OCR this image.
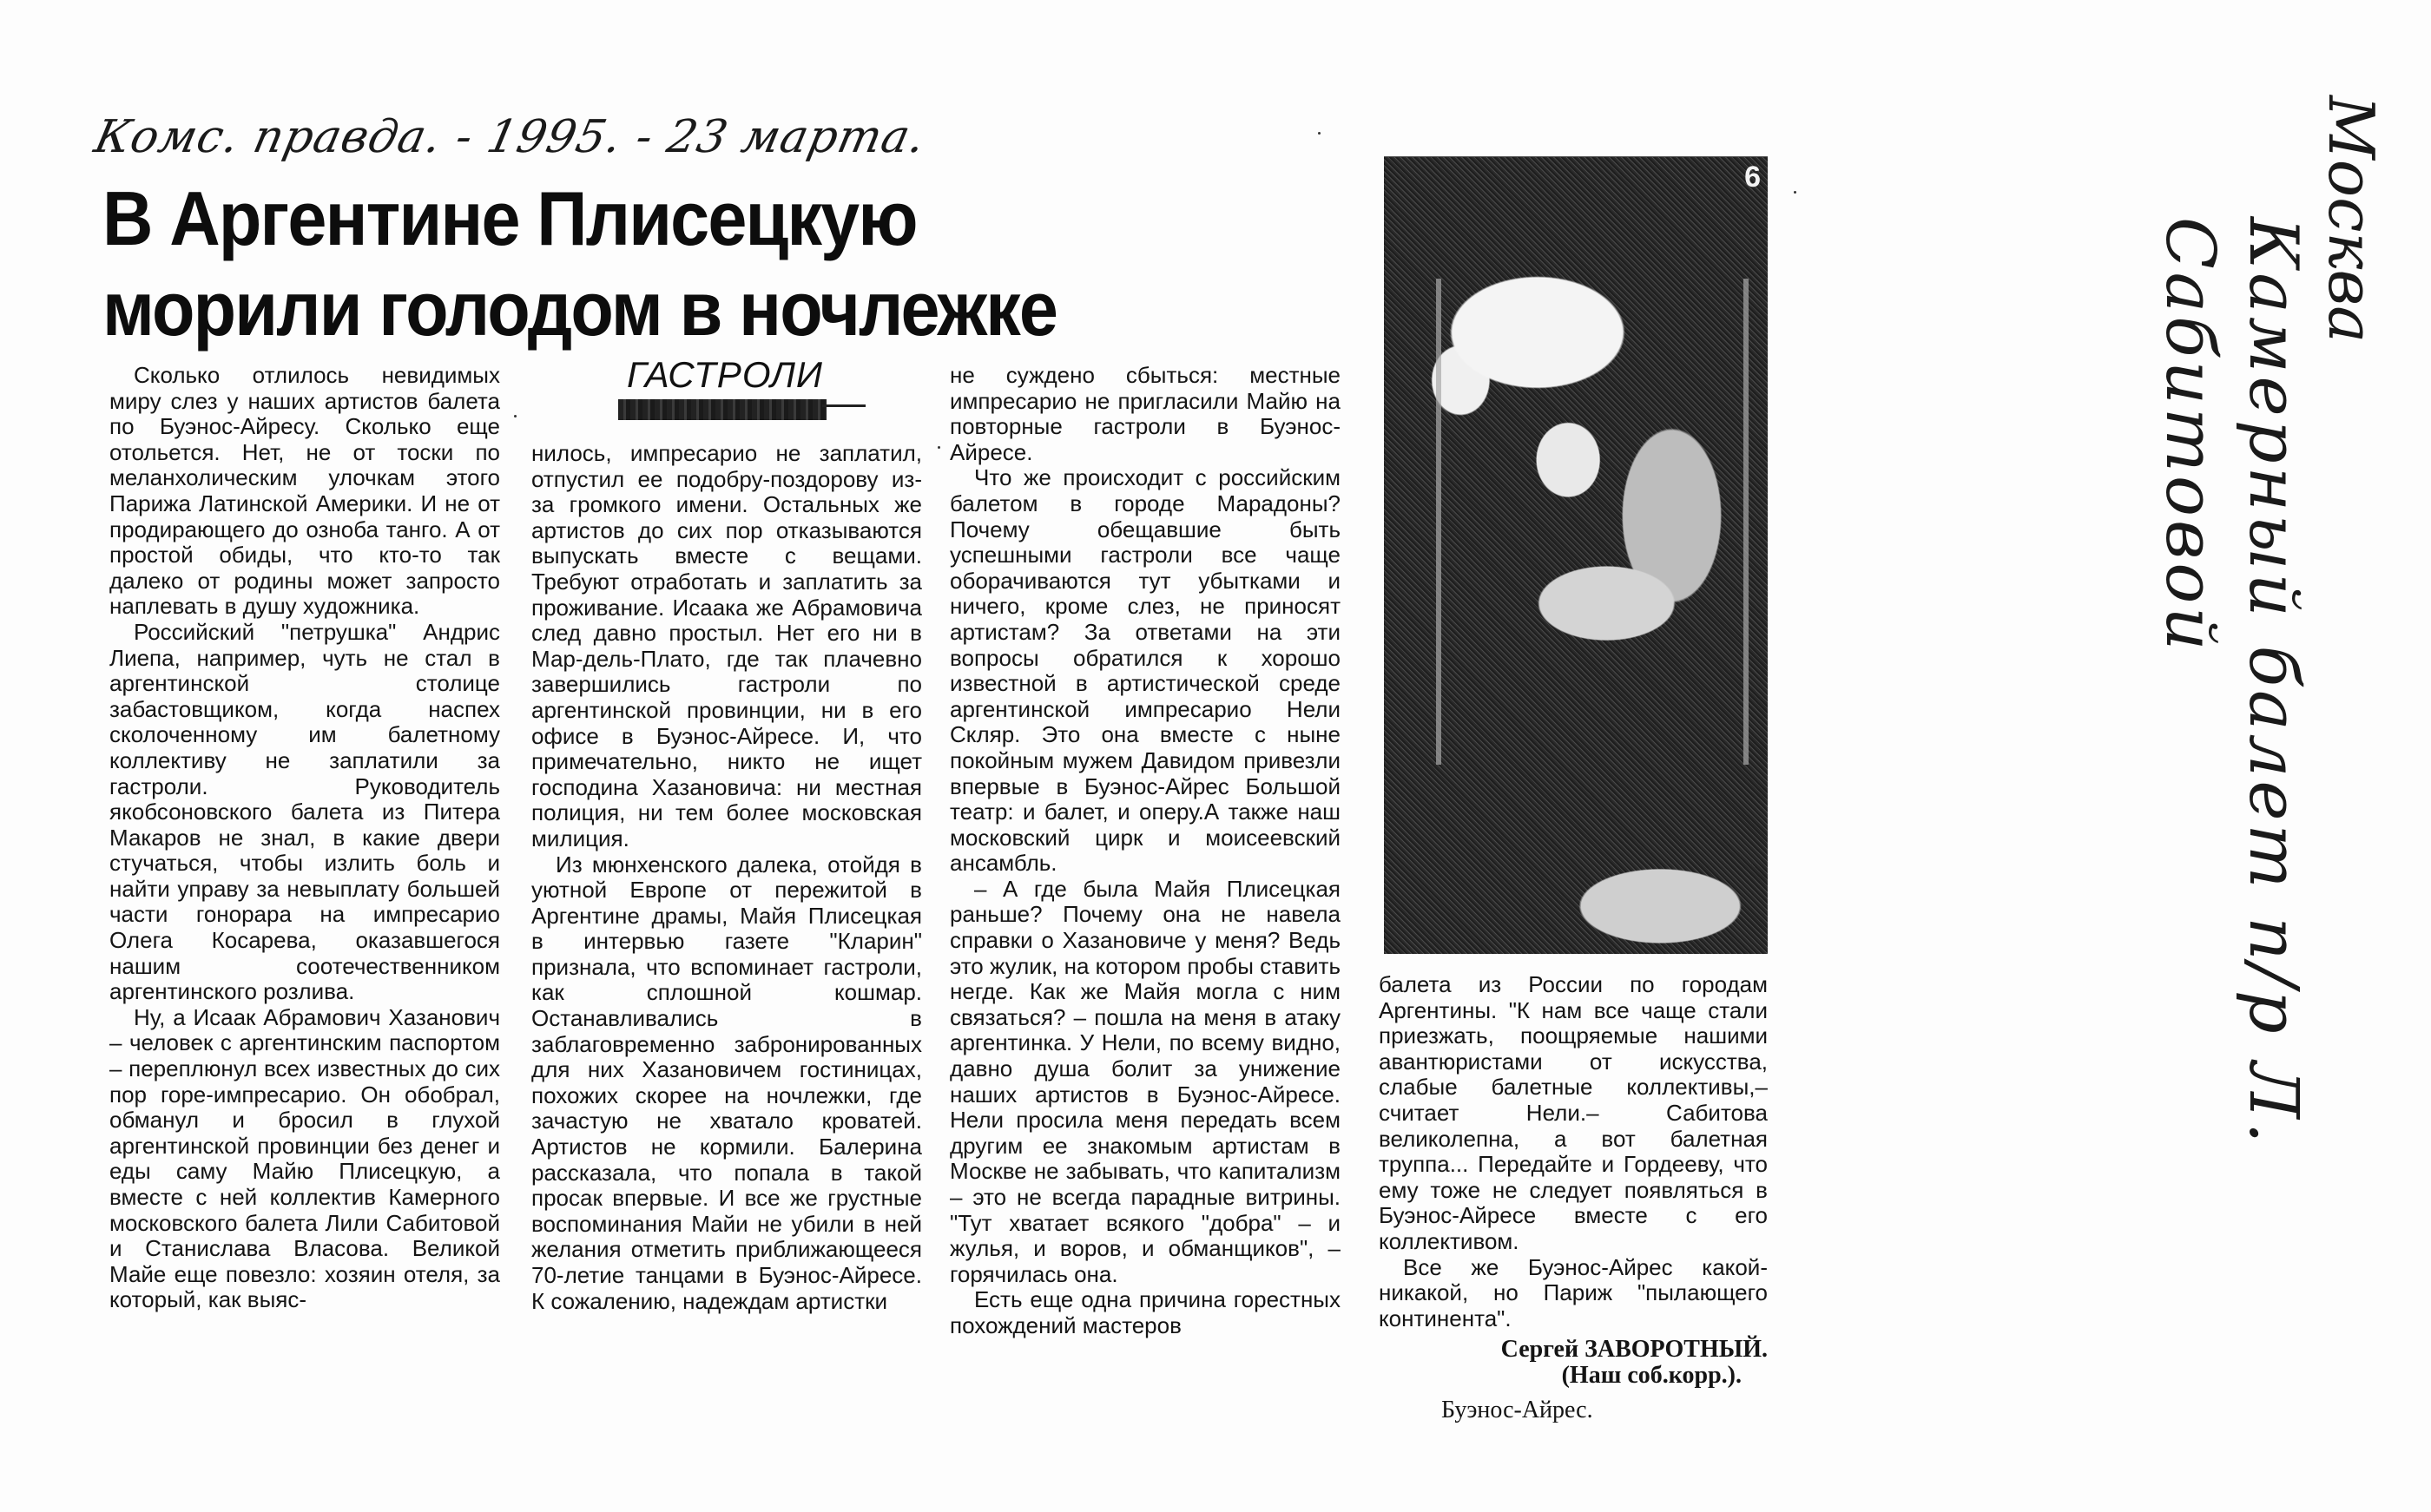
Комс. правда. - 1995. - 23 марта.
В Аргентине Плисецкую
морили голодом в ночлежке
ГАСТРОЛИ

Сколько отлилось невидимых миру слез у наших артистов балета по Буэнос-Айресу. Сколько еще отольется. Нет, не от тоски по меланхолическим улочкам этого Парижа Латинской Америки. И не от продирающего до озноба танго. А от простой обиды, что кто-то так далеко от родины может запросто наплевать в душу художника.

Российский "петрушка" Андрис Лиепа, например, чуть не стал в аргентинской столице забастовщиком, когда наспех сколоченному им балетному коллективу не заплатили за гастроли. Руководитель якобсоновского балета из Питера Макаров не знал, в какие двери стучаться, чтобы излить боль и найти управу за невыплату большей части гонорара на импресарио Олега Косарева, оказавшегося нашим соотечественником аргентинского розлива.

Ну, а Исаак Абрамович Хазанович – человек с аргентинским паспортом – переплюнул всех известных до сих пор горе-импресарио. Он обобрал, обманул и бросил в глухой аргентинской провинции без денег и еды саму Майю Плисецкую, а вместе с ней коллектив Камерного московского балета Лили Сабитовой и Станислава Власова. Великой Майе еще повезло: хозяин отеля, за который, как выяс-

нилось, импресарио не заплатил, отпустил ее подобру-поздорову из-за громкого имени. Остальных же артистов до сих пор отказываются выпускать вместе с вещами. Требуют отработать и заплатить за проживание. Исаака же Абрамовича след давно простыл. Нет его ни в Мар-дель-Плато, где так плачевно завершились гастроли по аргентинской провинции, ни в его офисе в Буэнос-Айресе. И, что примечательно, никто не ищет господина Хазановича: ни местная полиция, ни тем более московская милиция.

Из мюнхенского далека, отойдя в уютной Европе от пережитой в Аргентине драмы, Майя Плисецкая в интервью газете "Кларин" признала, что вспоминает гастроли, как сплошной кошмар. Останавливались в заблаговременно забронированных для них Хазановичем гостиницах, похожих скорее на ночлежки, где зачастую не хватало кроватей. Артистов не кормили. Балерина рассказала, что попала в такой просак впервые. И все же грустные воспоминания Майи не убили в ней желания отметить приближающееся 70-летие танцами в Буэнос-Айресе. К сожалению, надеждам артистки

не суждено сбыться: местные импресарио не пригласили Майю на повторные гастроли в Буэнос-Айресе.

Что же происходит с российским балетом в городе Марадоны? Почему обещавшие быть успешными гастроли все чаще оборачиваются тут убытками и ничего, кроме слез, не приносят артистам? За ответами на эти вопросы обратился к хорошо известной в артистической среде аргентинской импресарио Нели Скляр. Это она вместе с ныне покойным мужем Давидом привезли впервые в Буэнос-Айрес Большой театр: и балет, и оперу.А также наш московский цирк и моисеевский ансамбль.

– А где была Майя Плисецкая раньше? Почему она не навела справки о Хазановиче у меня? Ведь это жулик, на котором пробы ставить негде. Как же Майя могла с ним связаться? – пошла на меня в атаку аргентинка. У Нели, по всему видно, давно душа болит за унижение наших артистов в Буэнос-Айресе. Нели просила меня передать всем другим ее знакомым артистам в Москве не забывать, что капитализм – это не всегда парадные витрины. "Тут хватает всякого "добра" – и жулья, и воров, и обманщиков", – горячилась она.

Есть еще одна причина горестных похождений мастеров

6

балета из России по городам Аргентины. "К нам все чаще стали приезжать, поощряемые нашими авантюристами от искусства, слабые балетные коллективы,– считает Нели.– Сабитова великолепна, а вот балетная труппа... Передайте и Гордееву, что ему тоже не следует появляться в Буэнос-Айресе вместе с его коллективом.

Все же Буэнос-Айрес какой-никакой, но Париж "пылающего континента".

Сергей ЗАВОРОТНЫЙ.

(Наш соб.корр.).

Буэнос-Айрес.

Москва
Камерный балет п/р Л. Сабитовой
